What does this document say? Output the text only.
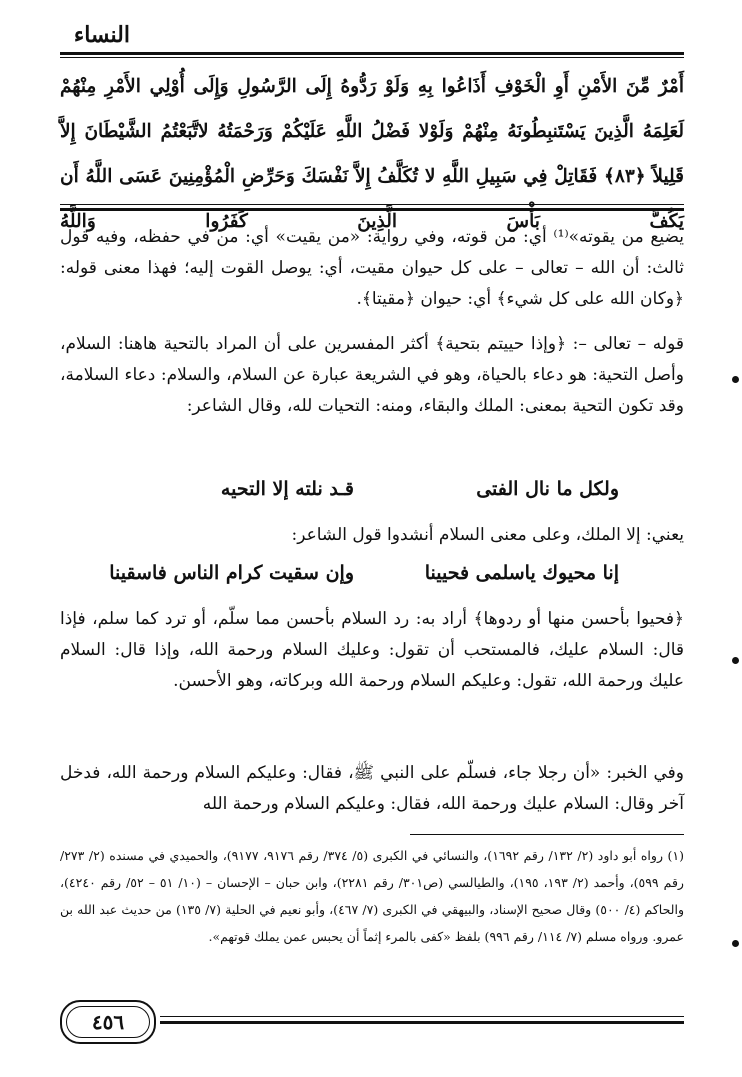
النساء
أَمْرٌ مِّنَ الأَمْنِ أَوِ الْخَوْفِ أَذَاعُوا بِهِ وَلَوْ رَدُّوهُ إِلَى الرَّسُولِ وَإِلَى أُوْلِي الأَمْرِ مِنْهُمْ لَعَلِمَهُ الَّذِينَ يَسْتَنبِطُونَهُ مِنْهُمْ وَلَوْلا فَضْلُ اللَّهِ عَلَيْكُمْ وَرَحْمَتُهُ لاتَّبَعْتُمُ الشَّيْطَانَ إِلاَّ قَلِيلاً ﴿٨٣﴾ فَقَاتِلْ فِي سَبِيلِ اللَّهِ لا تُكَلَّفُ إِلاَّ نَفْسَكَ وَحَرِّضِ الْمُؤْمِنِينَ عَسَى اللَّهُ أَن يَكُفَّ بَأْسَ الَّذِينَ كَفَرُوا وَاللَّهُ
يضيع من يقوته»⁽¹⁾ أي: من قوته، وفي رواية: «من يقيت» أي: من في حفظه، وفيه قول ثالث: أن الله – تعالى – على كل حيوان مقيت، أي: يوصل القوت إليه؛ فهذا معنى قوله: ﴿وكان الله على كل شيء﴾ أي: حيوان ﴿مقيتا﴾.
قوله – تعالى –: ﴿وإذا حييتم بتحية﴾ أكثر المفسرين على أن المراد بالتحية هاهنا: السلام، وأصل التحية: هو دعاء بالحياة، وهو في الشريعة عبارة عن السلام، والسلام: دعاء السلامة، وقد تكون التحية بمعنى: الملك والبقاء، ومنه: التحيات لله، وقال الشاعر:
ولكل ما نال الفتى
قـد نلته إلا التحيه
يعني: إلا الملك، وعلى معنى السلام أنشدوا قول الشاعر:
إنا محيوك ياسلمى فحيينا
وإن سقيت كرام الناس فاسقينا
﴿فحيوا بأحسن منها أو ردوها﴾ أراد به: رد السلام بأحسن مما سلّم، أو ترد كما سلم، فإذا قال: السلام عليك، فالمستحب أن تقول: وعليك السلام ورحمة الله، وإذا قال: السلام عليك ورحمة الله، تقول: وعليكم السلام ورحمة الله وبركاته، وهو الأحسن.
وفي الخبر: «أن رجلا جاء، فسلّم على النبي ﷺ، فقال: وعليكم السلام ورحمة الله، فدخل آخر وقال: السلام عليك ورحمة الله، فقال: وعليكم السلام ورحمة الله
(١) رواه أبو داود (٢/ ١٣٢/ رقم ١٦٩٢)، والنسائي في الكبرى (٥/ ٣٧٤/ رقم ٩١٧٦، ٩١٧٧)، والحميدي في مسنده (٢/ ٢٧٣/ رقم ٥٩٩)، وأحمد (٢/ ١٩٣، ١٩٥)، والطيالسي (ص٣٠١/ رقم ٢٢٨١)، وابن حبان – الإحسان – (١٠/ ٥١ – ٥٢/ رقم ٤٢٤٠)، والحاكم (٤/ ٥٠٠) وقال صحيح الإسناد، والبيهقي في الكبرى (٧/ ٤٦٧)، وأبو نعيم في الحلية (٧/ ١٣٥) من حديث عبد الله بن عمرو. ورواه مسلم (٧/ ١١٤/ رقم ٩٩٦) بلفظ «كفى بالمرء إثماً أن يحبس عمن يملك قوتهم».
٤٥٦
